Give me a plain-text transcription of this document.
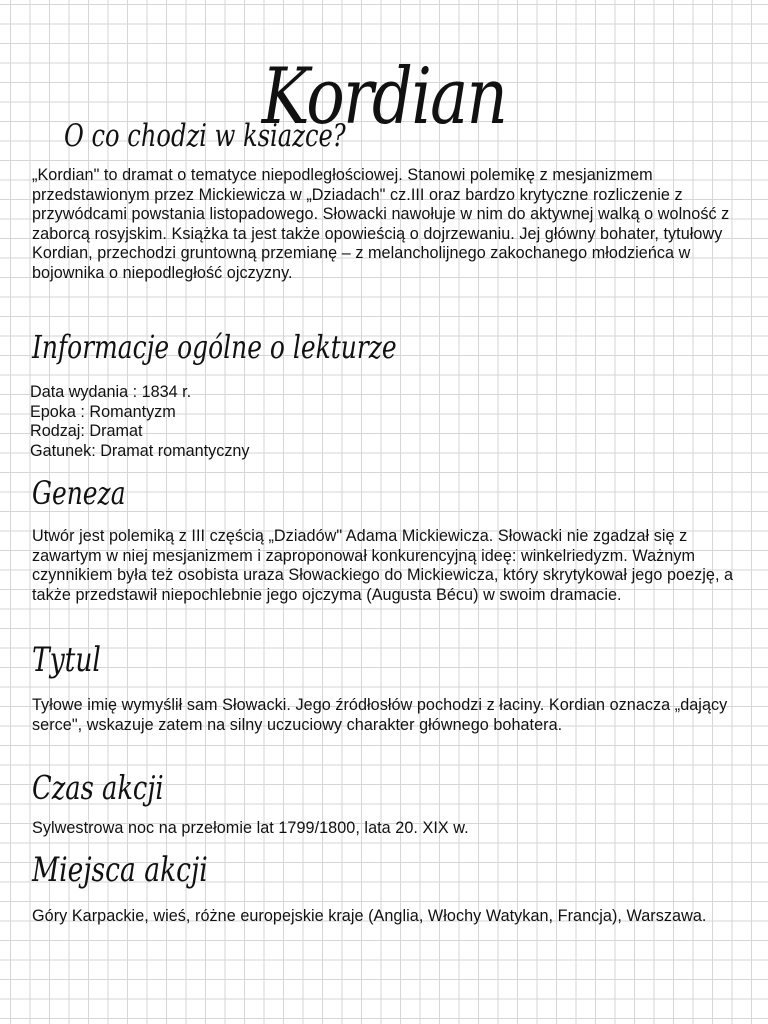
Kordian
O co chodzi w ksiazce?

„Kordian" to dramat o tematyce niepodległościowej. Stanowi polemikę z mesjanizmem przedstawionym przez Mickiewicza w „Dziadach" cz.III oraz bardzo krytyczne rozliczenie z przywódcami powstania listopadowego. Słowacki nawołuje w nim do aktywnej walką o wolność z zaborcą rosyjskim. Książka ta jest także opowieścią o dojrzewaniu. Jej główny bohater, tytułowy Kordian, przechodzi gruntowną przemianę – z melancholijnego zakochanego młodzieńca w bojownika o niepodległość ojczyzny.

Informacje ogólne o lekturze
Data wydania : 1834 r.
Epoka : Romantyzm
Rodzaj: Dramat
Gatunek: Dramat romantyczny
Geneza

Utwór jest polemiką z III częścią „Dziadów" Adama Mickiewicza. Słowacki nie zgadzał się z zawartym w niej mesjanizmem i zaproponował konkurencyjną ideę: winkelriedyzm. Ważnym czynnikiem była też osobista uraza Słowackiego do Mickiewicza, który skrytykował jego poezję, a także przedstawił niepochlebnie jego ojczyma (Augusta Bécu) w swoim dramacie.

Tytul

Tyłowe imię wymyślił sam Słowacki. Jego źródłosłów pochodzi z łaciny. Kordian oznacza „dający serce", wskazuje zatem na silny uczuciowy charakter głównego bohatera.

Czas akcji

Sylwestrowa noc na przełomie lat 1799/1800, lata 20. XIX w.

Miejsca akcji

Góry Karpackie, wieś, różne europejskie kraje (Anglia, Włochy Watykan, Francja), Warszawa.
